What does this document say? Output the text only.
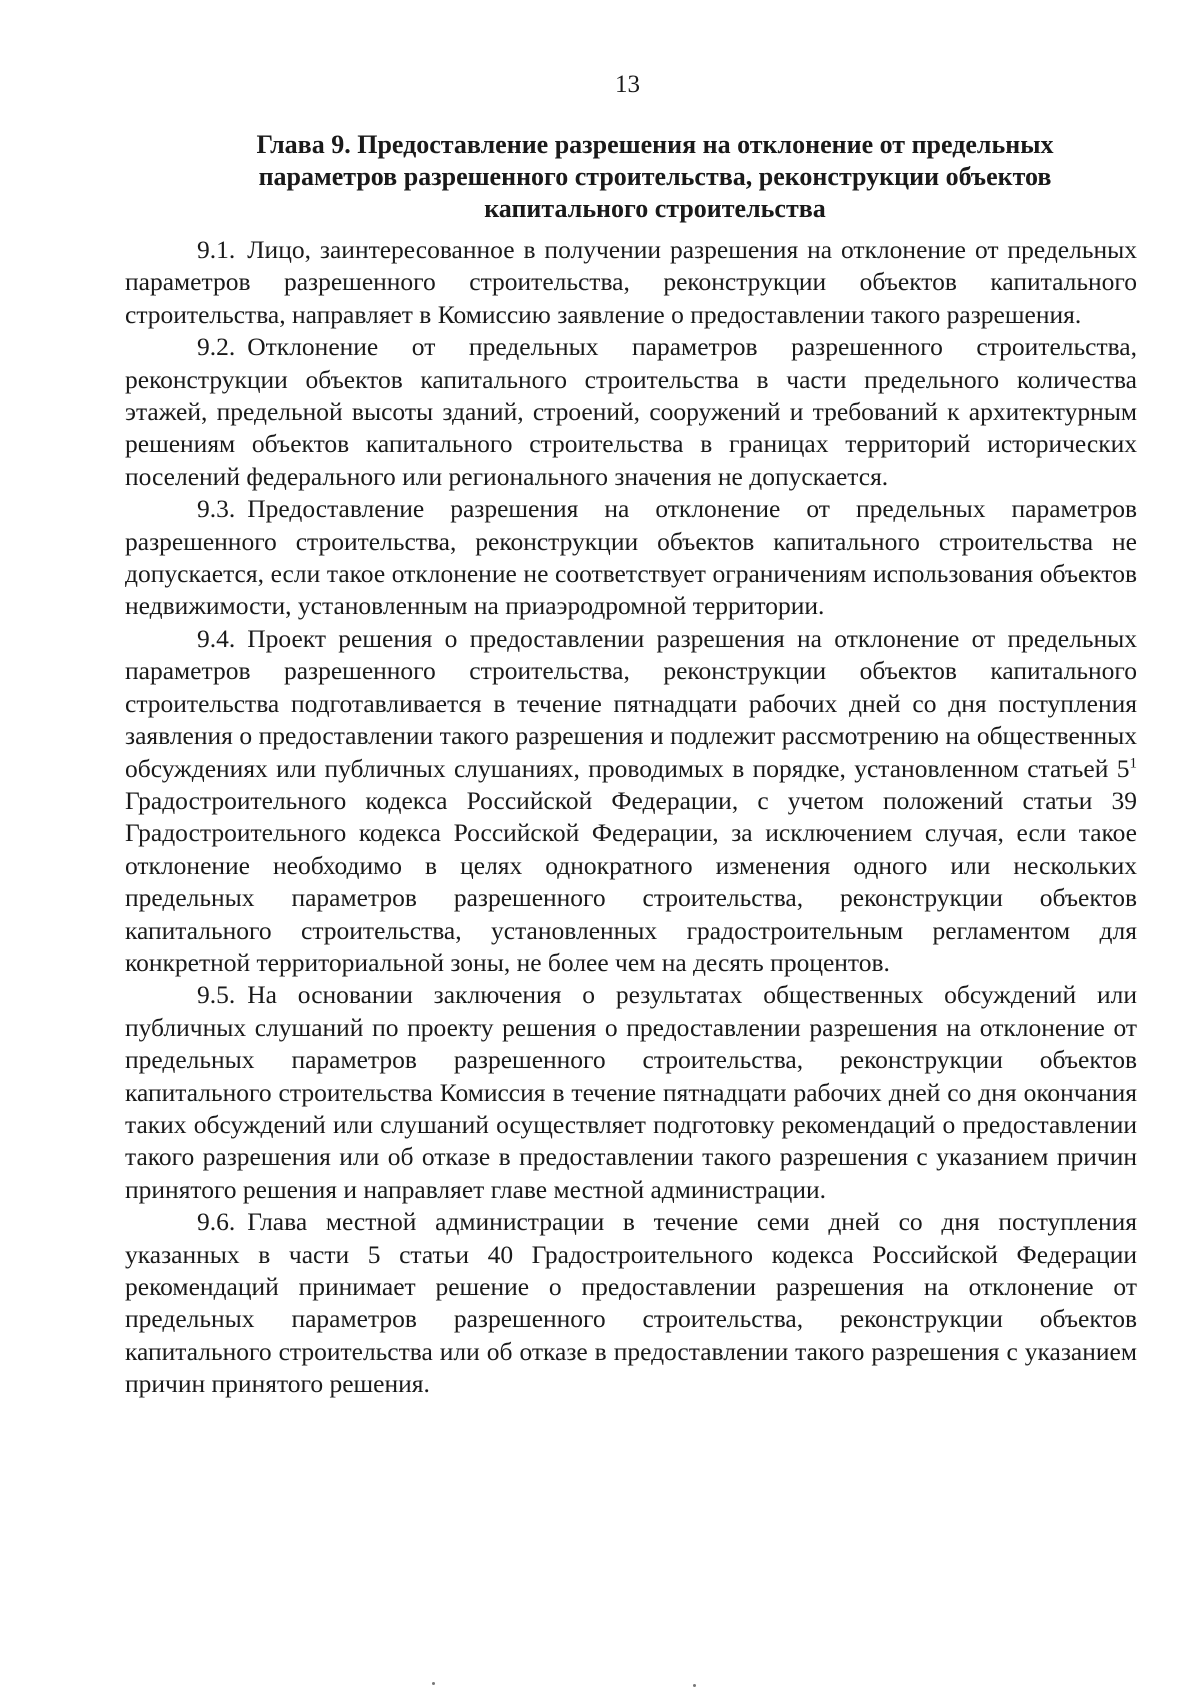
13
Глава 9. Предоставление разрешения на отклонение от предельных параметров разрешенного строительства, реконструкции объектов капитального строительства

9.1. Лицо, заинтересованное в получении разрешения на отклонение от предельных параметров разрешенного строительства, реконструкции объектов капитального строительства, направляет в Комиссию заявление о предоставлении такого разрешения.

9.2. Отклонение от предельных параметров разрешенного строительства, реконструкции объектов капитального строительства в части предельного количества этажей, предельной высоты зданий, строений, сооружений и требований к архитектурным решениям объектов капитального строительства в границах территорий исторических поселений федерального или регионального значения не допускается.

9.3. Предоставление разрешения на отклонение от предельных параметров разрешенного строительства, реконструкции объектов капитального строительства не допускается, если такое отклонение не соответствует ограничениям использования объектов недвижимости, установленным на приаэродромной территории.

9.4. Проект решения о предоставлении разрешения на отклонение от предельных параметров разрешенного строительства, реконструкции объектов капитального строительства подготавливается в течение пятнадцати рабочих дней со дня поступления заявления о предоставлении такого разрешения и подлежит рассмотрению на общественных обсуждениях или публичных слушаниях, проводимых в порядке, установленном статьей $5^1$ Градостроительного кодекса Российской Федерации, с учетом положений статьи 39 Градостроительного кодекса Российской Федерации, за исключением случая, если такое отклонение необходимо в целях однократного изменения одного или нескольких предельных параметров разрешенного строительства, реконструкции объектов капитального строительства, установленных градостроительным регламентом для конкретной территориальной зоны, не более чем на десять процентов.

9.5. На основании заключения о результатах общественных обсуждений или публичных слушаний по проекту решения о предоставлении разрешения на отклонение от предельных параметров разрешенного строительства, реконструкции объектов капитального строительства Комиссия в течение пятнадцати рабочих дней со дня окончания таких обсуждений или слушаний осуществляет подготовку рекомендаций о предоставлении такого разрешения или об отказе в предоставлении такого разрешения с указанием причин принятого решения и направляет главе местной администрации.

9.6. Глава местной администрации в течение семи дней со дня поступления указанных в части 5 статьи 40 Градостроительного кодекса Российской Федерации рекомендаций принимает решение о предоставлении разрешения на отклонение от предельных параметров разрешенного строительства, реконструкции объектов капитального строительства или об отказе в предоставлении такого разрешения с указанием причин принятого решения.
